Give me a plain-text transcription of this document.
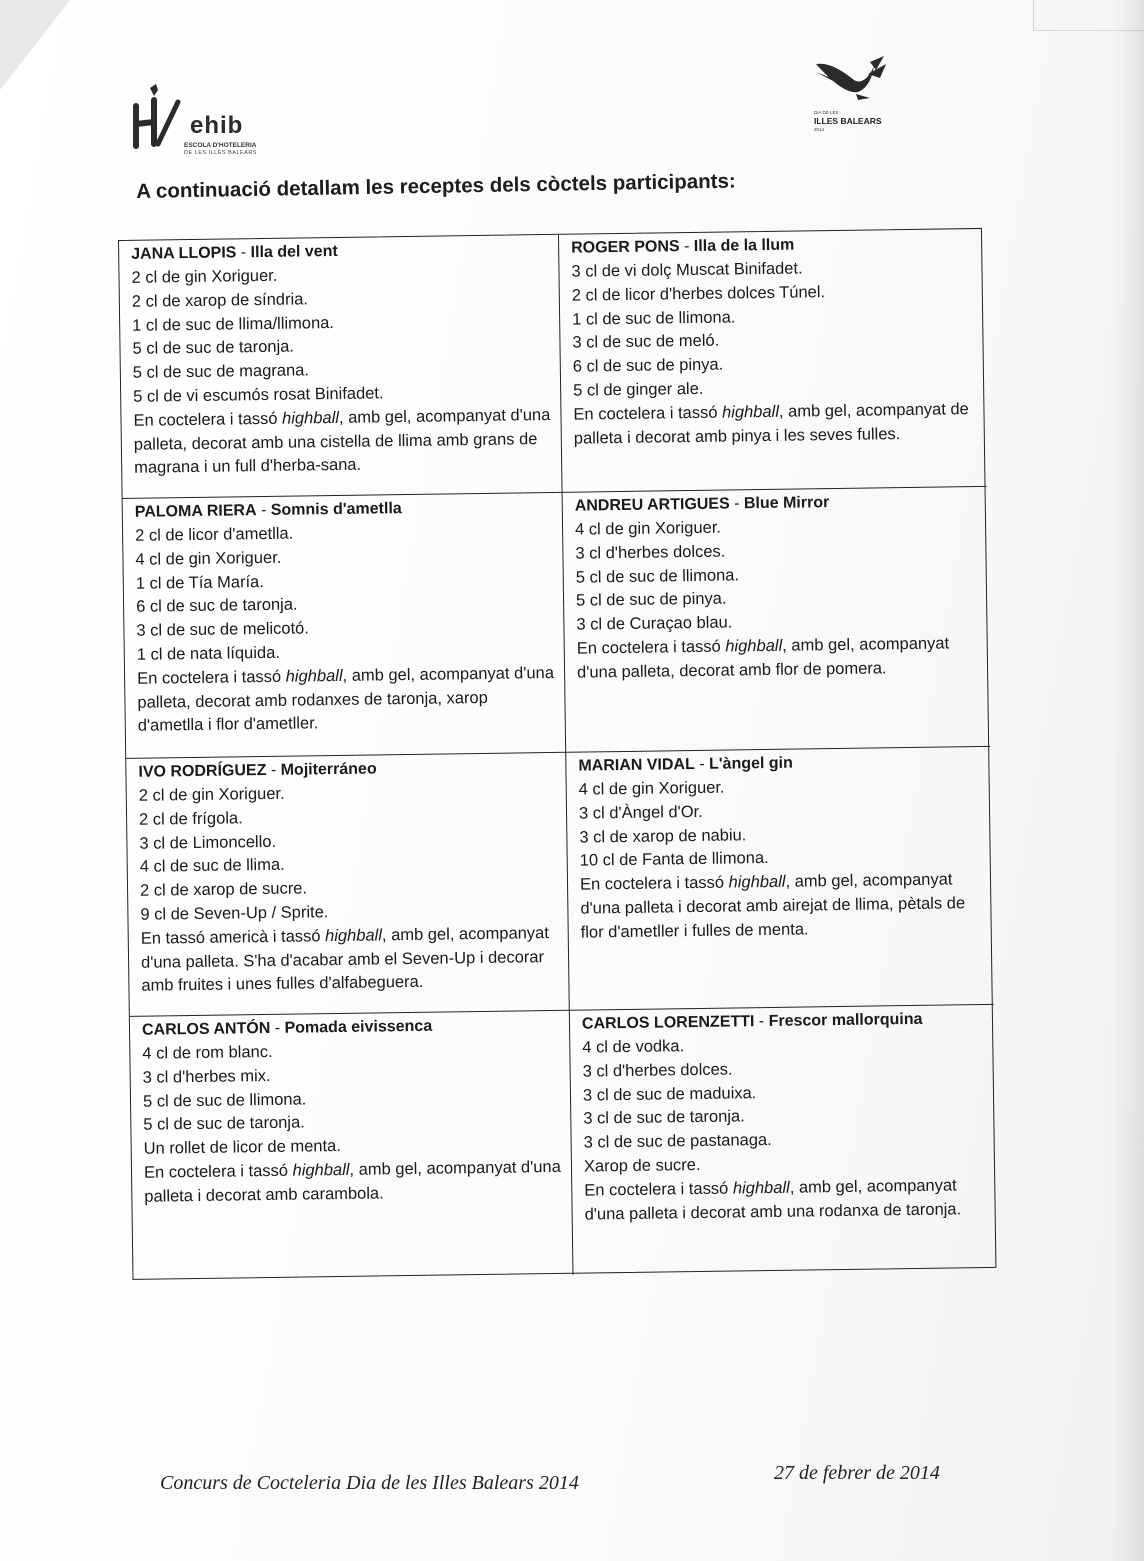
ehib
ESCOLA D'HOTELERIA
DE LES ILLES BALEARS
DIA DE LES
ILLES BALEARS
2014
A continuació detallam les receptes dels còctels participants:
JANA LLOPIS - Illa del vent
2 cl de gin Xoriguer.
2 cl de xarop de síndria.
1 cl de suc de llima/llimona.
5 cl de suc de taronja.
5 cl de suc de magrana.
5 cl de vi escumós rosat Binifadet.
En coctelera i tassó highball, amb gel, acompanyat d'una palleta, decorat amb una cistella de llima amb grans de magrana i un full d'herba-sana.
ROGER PONS - Illa de la llum
3 cl de vi dolç Muscat Binifadet.
2 cl de licor d'herbes dolces Túnel.
1 cl de suc de llimona.
3 cl de suc de meló.
6 cl de suc de pinya.
5 cl de ginger ale.
En coctelera i tassó highball, amb gel, acompanyat de palleta i decorat amb pinya i les seves fulles.
PALOMA RIERA - Somnis d'ametlla
2 cl de licor d'ametlla.
4 cl de gin Xoriguer.
1 cl de Tía María.
6 cl de suc de taronja.
3 cl de suc de melicotó.
1 cl de nata líquida.
En coctelera i tassó highball, amb gel, acompanyat d'una palleta, decorat amb rodanxes de taronja, xarop d'ametlla i flor d'ametller.
ANDREU ARTIGUES - Blue Mirror
4 cl de gin Xoriguer.
3 cl d'herbes dolces.
5 cl de suc de llimona.
5 cl de suc de pinya.
3 cl de Curaçao blau.
En coctelera i tassó highball, amb gel, acompanyat d'una palleta, decorat amb flor de pomera.
IVO RODRÍGUEZ - Mojiterráneo
2 cl de gin Xoriguer.
2 cl de frígola.
3 cl de Limoncello.
4 cl de suc de llima.
2 cl de xarop de sucre.
9 cl de Seven-Up / Sprite.
En tassó americà i tassó highball, amb gel, acompanyat d'una palleta. S'ha d'acabar amb el Seven-Up i decorar amb fruites i unes fulles d'alfabeguera.
MARIAN VIDAL - L'àngel gin
4 cl de gin Xoriguer.
3 cl d'Àngel d'Or.
3 cl de xarop de nabiu.
10 cl de Fanta de llimona.
En coctelera i tassó highball, amb gel, acompanyat d'una palleta i decorat amb airejat de llima, pètals de flor d'ametller i fulles de menta.
CARLOS ANTÓN - Pomada eivissenca
4 cl de rom blanc.
3 cl d'herbes mix.
5 cl de suc de llimona.
5 cl de suc de taronja.
Un rollet de licor de menta.
En coctelera i tassó highball, amb gel, acompanyat d'una palleta i decorat amb carambola.
CARLOS LORENZETTI - Frescor mallorquina
4 cl de vodka.
3 cl d'herbes dolces.
3 cl de suc de maduixa.
3 cl de suc de taronja.
3 cl de suc de pastanaga.
Xarop de sucre.
En coctelera i tassó highball, amb gel, acompanyat d'una palleta i decorat amb una rodanxa de taronja.
Concurs de Cocteleria Dia de les Illes Balears 2014	27 de febrer de 2014
